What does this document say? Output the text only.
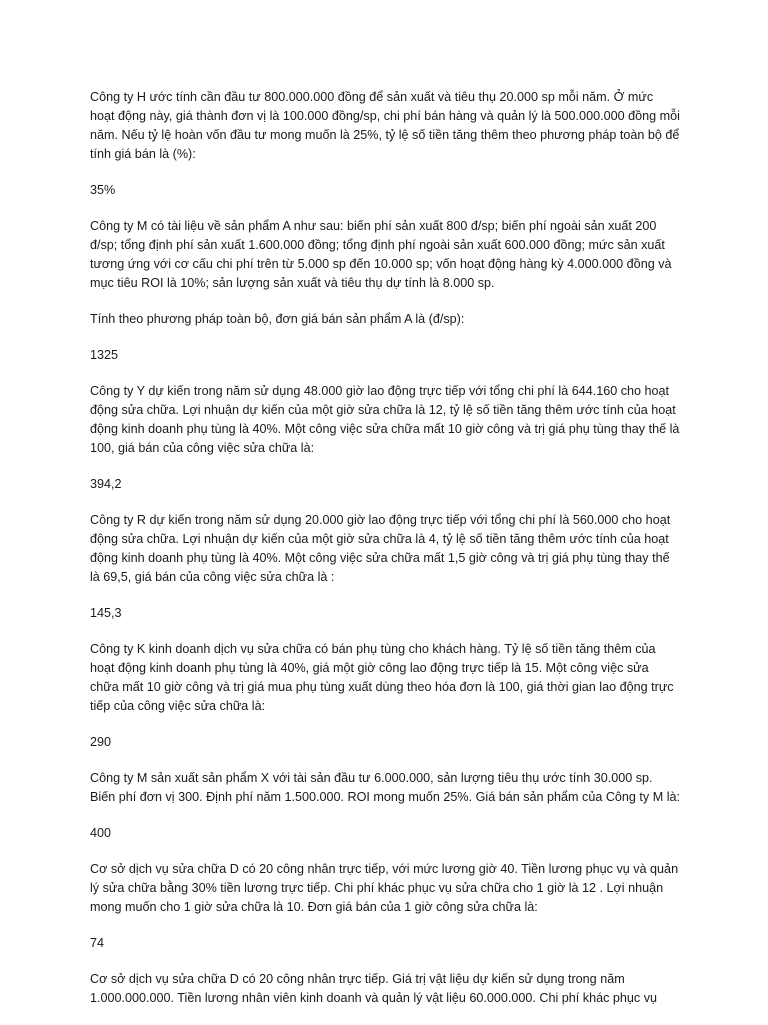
Công ty H ước tính cần đầu tư 800.000.000 đồng để sản xuất và tiêu thụ 20.000 sp mỗi năm. Ở mức hoạt động này, giá thành đơn vị là 100.000 đồng/sp, chi phí bán hàng và quản lý là 500.000.000 đồng mỗi năm. Nếu tỷ lệ hoàn vốn đầu tư mong muốn là 25%, tỷ lệ số tiền tăng thêm theo phương pháp toàn bộ để tính giá bán là (%):

35%

Công ty M có tài liệu về sản phẩm A như sau: biến phí sản xuất 800 đ/sp; biến phí ngoài sản xuất 200 đ/sp; tổng định phí sản xuất 1.600.000 đồng; tổng định phí ngoài sản xuất 600.000 đồng; mức sản xuất tương ứng với cơ cấu chi phí trên từ 5.000 sp đến 10.000 sp; vốn hoạt động hàng kỳ 4.000.000 đồng và mục tiêu ROI là 10%; sản lượng sản xuất và tiêu thụ dự tính là 8.000 sp.

Tính theo phương pháp toàn bộ, đơn giá bán sản phẩm A là (đ/sp):

1325

Công ty Y dự kiến trong năm sử dụng 48.000 giờ lao động trực tiếp với tổng chi phí là 644.160 cho hoạt động sửa chữa. Lợi nhuận dự kiến của một giờ sửa chữa là 12, tỷ lệ số tiền tăng thêm ước tính của hoạt động kinh doanh phụ tùng là 40%. Một công việc sửa chữa mất 10 giờ công và trị giá phụ tùng thay thế là 100, giá bán của công việc sửa chữa là:

394,2

Công ty R dự kiến trong năm sử dụng 20.000 giờ lao động trực tiếp với tổng chi phí là 560.000 cho hoạt động sửa chữa. Lợi nhuận dự kiến của một giờ sửa chữa là 4, tỷ lệ số tiền tăng thêm ước tính của hoạt động kinh doanh phụ tùng là 40%. Một công việc sửa chữa mất 1,5 giờ công và trị giá phụ tùng thay thế là 69,5, giá bán của công việc sửa chữa là :

145,3

Công ty K kinh doanh dịch vụ sửa chữa có bán phụ tùng cho khách hàng. Tỷ lệ số tiền tăng thêm của hoạt động kinh doanh phụ tùng là 40%, giá một giờ công lao động trực tiếp là 15. Một công việc sửa chữa mất 10 giờ công và trị giá mua phụ tùng xuất dùng theo hóa đơn là 100, giá thời gian lao động trực tiếp của công việc sửa chữa là:

290

Công ty M sản xuất sản phẩm X với tài sản đầu tư 6.000.000, sản lượng tiêu thụ ước tính 30.000 sp. Biến phí đơn vị 300. Định phí năm 1.500.000. ROI mong muốn 25%. Giá bán sản phẩm của Công ty M là:

400

Cơ sở dịch vụ sửa chữa D có 20 công nhân trực tiếp, với mức lương giờ 40. Tiền lương phục vụ và quản lý sửa chữa bằng 30% tiền lương trực tiếp. Chi phí khác phục vụ sửa chữa cho 1 giờ là 12 . Lợi nhuận mong muốn cho 1 giờ sửa chữa là 10. Đơn giá bán của 1 giờ công sửa chữa là:

74

Cơ sở dịch vụ sửa chữa D có 20 công nhân trực tiếp. Giá trị vật liệu dự kiến sử dụng trong năm 1.000.000.000. Tiền lương nhân viên kinh doanh và quản lý vật liệu 60.000.000. Chi phí khác phục vụ
